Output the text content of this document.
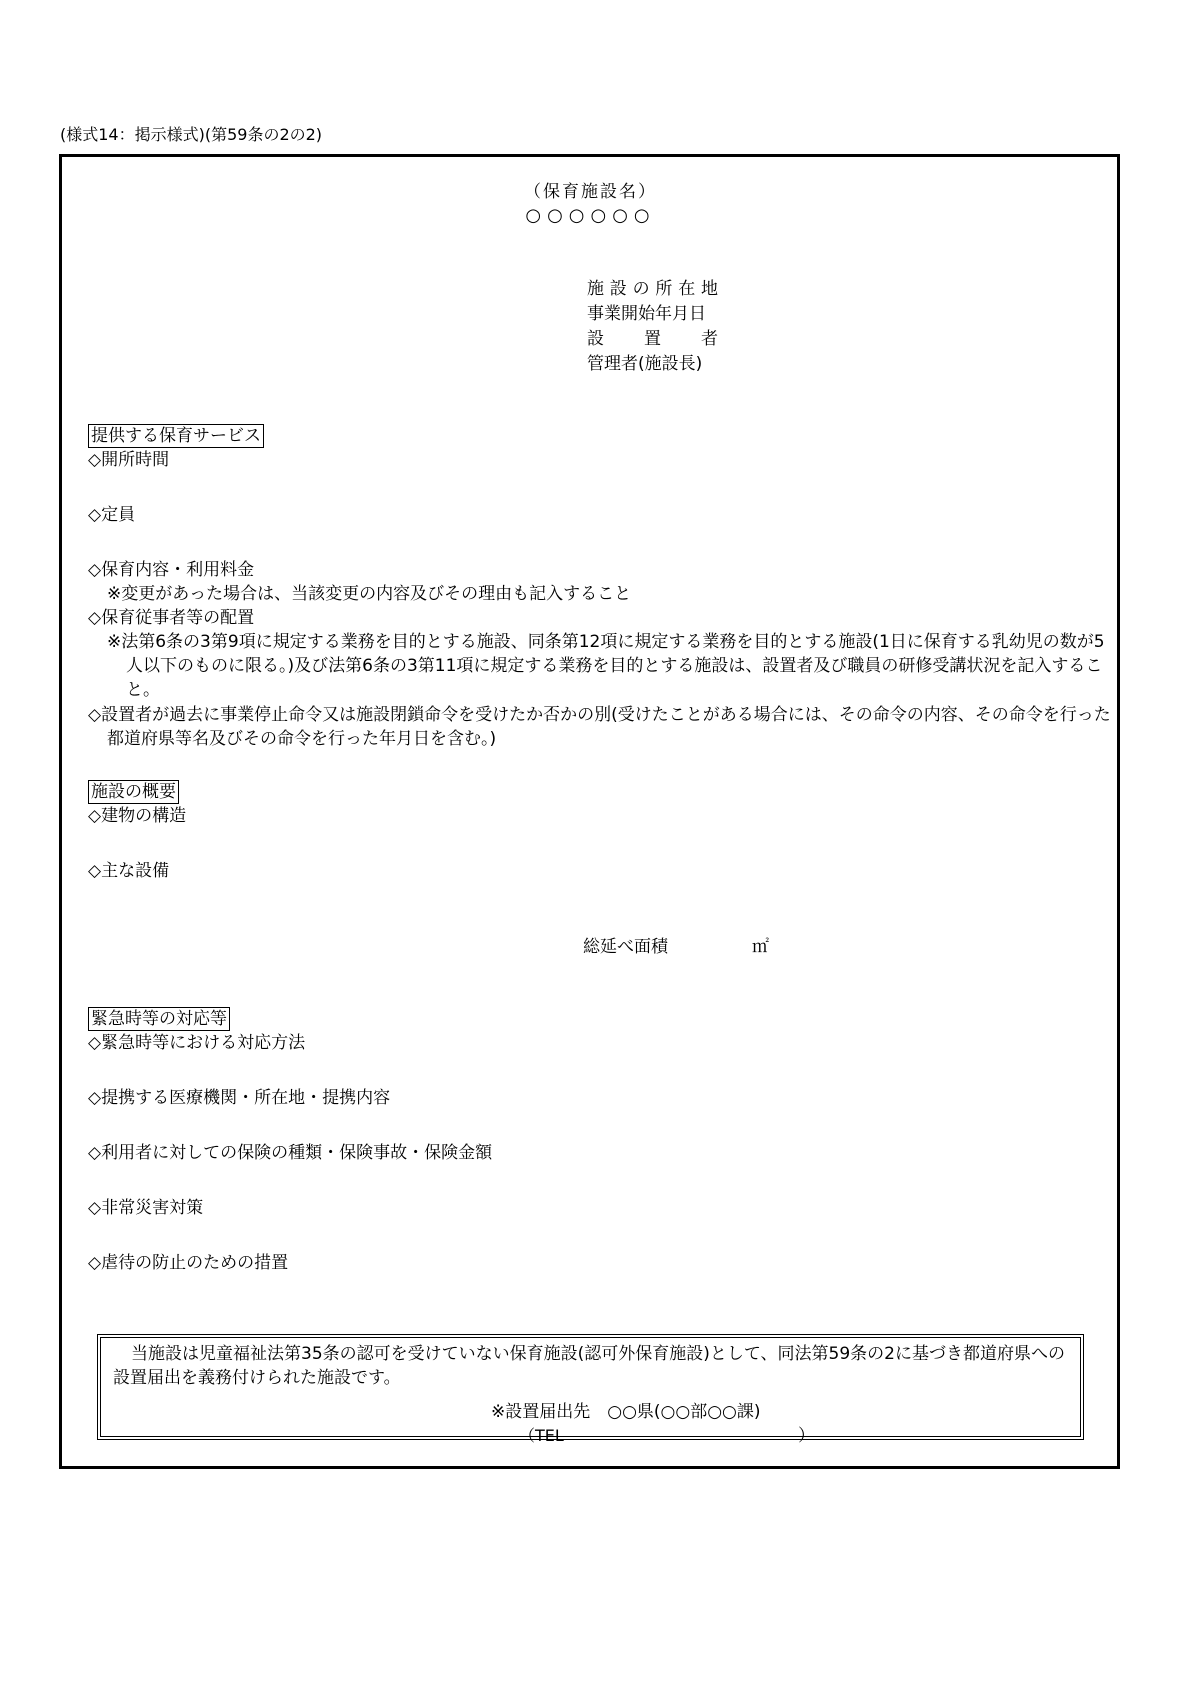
(様式14：掲示様式)(第59条の2の2)
（保育施設名）
○○○○○○
施 設 の 所 在 地
事業開始年月日
設 置 者
管理者(施設長)
提供する保育サービス
◇開所時間
◇定員
◇保育内容・利用料金
※変更があった場合は、当該変更の内容及びその理由も記入すること
◇保育従事者等の配置
※法第6条の3第9項に規定する業務を目的とする施設、同条第12項に規定する業務を目的とする施設(1日に保育する乳幼児の数が5人以下のものに限る。)及び法第6条の3第11項に規定する業務を目的とする施設は、設置者及び職員の研修受講状況を記入すること。
◇設置者が過去に事業停止命令又は施設閉鎖命令を受けたか否かの別(受けたことがある場合には、その命令の内容、その命令を行った都道府県等名及びその命令を行った年月日を含む。)
施設の概要
◇建物の構造
◇主な設備
総延べ面積	㎡
緊急時等の対応等
◇緊急時等における対応方法
◇提携する医療機関・所在地・提携内容
◇利用者に対しての保険の種類・保険事故・保険金額
◇非常災害対策
◇虐待の防止のための措置
当施設は児童福祉法第35条の認可を受けていない保育施設(認可外保育施設)として、同法第59条の2に基づき都道府県への設置届出を義務付けられた施設です。
※設置届出先　○○県(○○部○○課)
（TEL	）
